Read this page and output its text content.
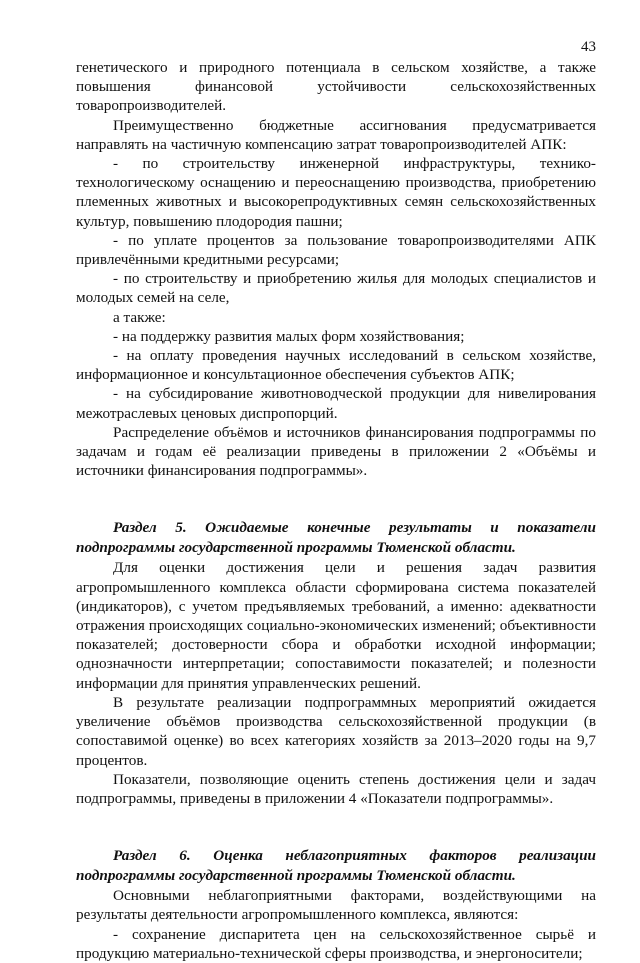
43

генетического и природного потенциала в сельском хозяйстве, а также повышения финансовой устойчивости сельскохозяйственных товаропроизводителей.

Преимущественно бюджетные ассигнования предусматривается направлять на частичную компенсацию затрат товаропроизводителей АПК:

- по строительству инженерной инфраструктуры, технико-технологическому оснащению и переоснащению производства, приобретению племенных животных и высокорепродуктивных семян сельскохозяйственных культур, повышению плодородия пашни;

- по уплате процентов за пользование товаропроизводителями АПК привлечёнными кредитными ресурсами;

- по строительству и приобретению жилья для молодых специалистов и молодых семей на селе,

а также:

- на поддержку развития малых форм хозяйствования;

- на оплату проведения научных исследований в сельском хозяйстве, информационное и консультационное обеспечения субъектов АПК;

- на субсидирование животноводческой продукции для нивелирования межотраслевых ценовых диспропорций.

Распределение объёмов и источников финансирования подпрограммы по задачам и годам её реализации приведены в приложении 2 «Объёмы и источники финансирования подпрограммы».

Раздел 5. Ожидаемые конечные результаты и показатели подпрограммы государственной программы Тюменской области.

Для оценки достижения цели и решения задач развития агропромышленного комплекса области сформирована система показателей (индикаторов), с учетом предъявляемых требований, а именно: адекватности отражения происходящих социально-экономических изменений; объективности показателей; достоверности сбора и обработки исходной информации; однозначности интерпретации; сопоставимости показателей; и полезности информации для принятия управленческих решений.

В результате реализации подпрограммных мероприятий ожидается увеличение объёмов производства сельскохозяйственной продукции (в сопоставимой оценке) во всех категориях хозяйств за 2013–2020 годы на 9,7 процентов.

Показатели, позволяющие оценить степень достижения цели и задач подпрограммы, приведены в приложении 4 «Показатели подпрограммы».

Раздел 6. Оценка неблагоприятных факторов реализации подпрограммы государственной программы Тюменской области.

Основными неблагоприятными факторами, воздействующими на результаты деятельности агропромышленного комплекса, являются:

- сохранение диспаритета цен на сельскохозяйственное сырьё и продукцию материально-технической сферы производства, и энергоносители;
